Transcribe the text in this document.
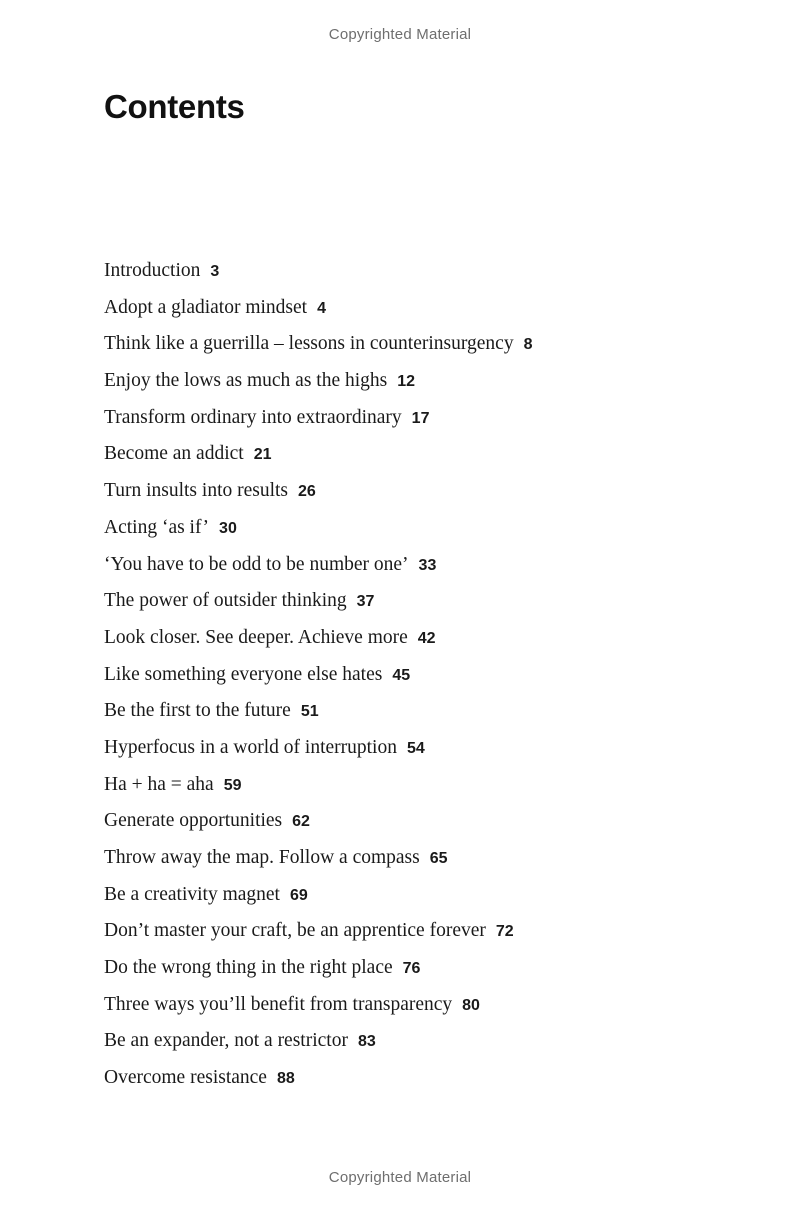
Copyrighted Material
Contents
Introduction 3
Adopt a gladiator mindset 4
Think like a guerrilla – lessons in counterinsurgency 8
Enjoy the lows as much as the highs 12
Transform ordinary into extraordinary 17
Become an addict 21
Turn insults into results 26
Acting ‘as if’ 30
‘You have to be odd to be number one’ 33
The power of outsider thinking 37
Look closer. See deeper. Achieve more 42
Like something everyone else hates 45
Be the first to the future 51
Hyperfocus in a world of interruption 54
Ha + ha = aha 59
Generate opportunities 62
Throw away the map. Follow a compass 65
Be a creativity magnet 69
Don’t master your craft, be an apprentice forever 72
Do the wrong thing in the right place 76
Three ways you’ll benefit from transparency 80
Be an expander, not a restrictor 83
Overcome resistance 88
Copyrighted Material
